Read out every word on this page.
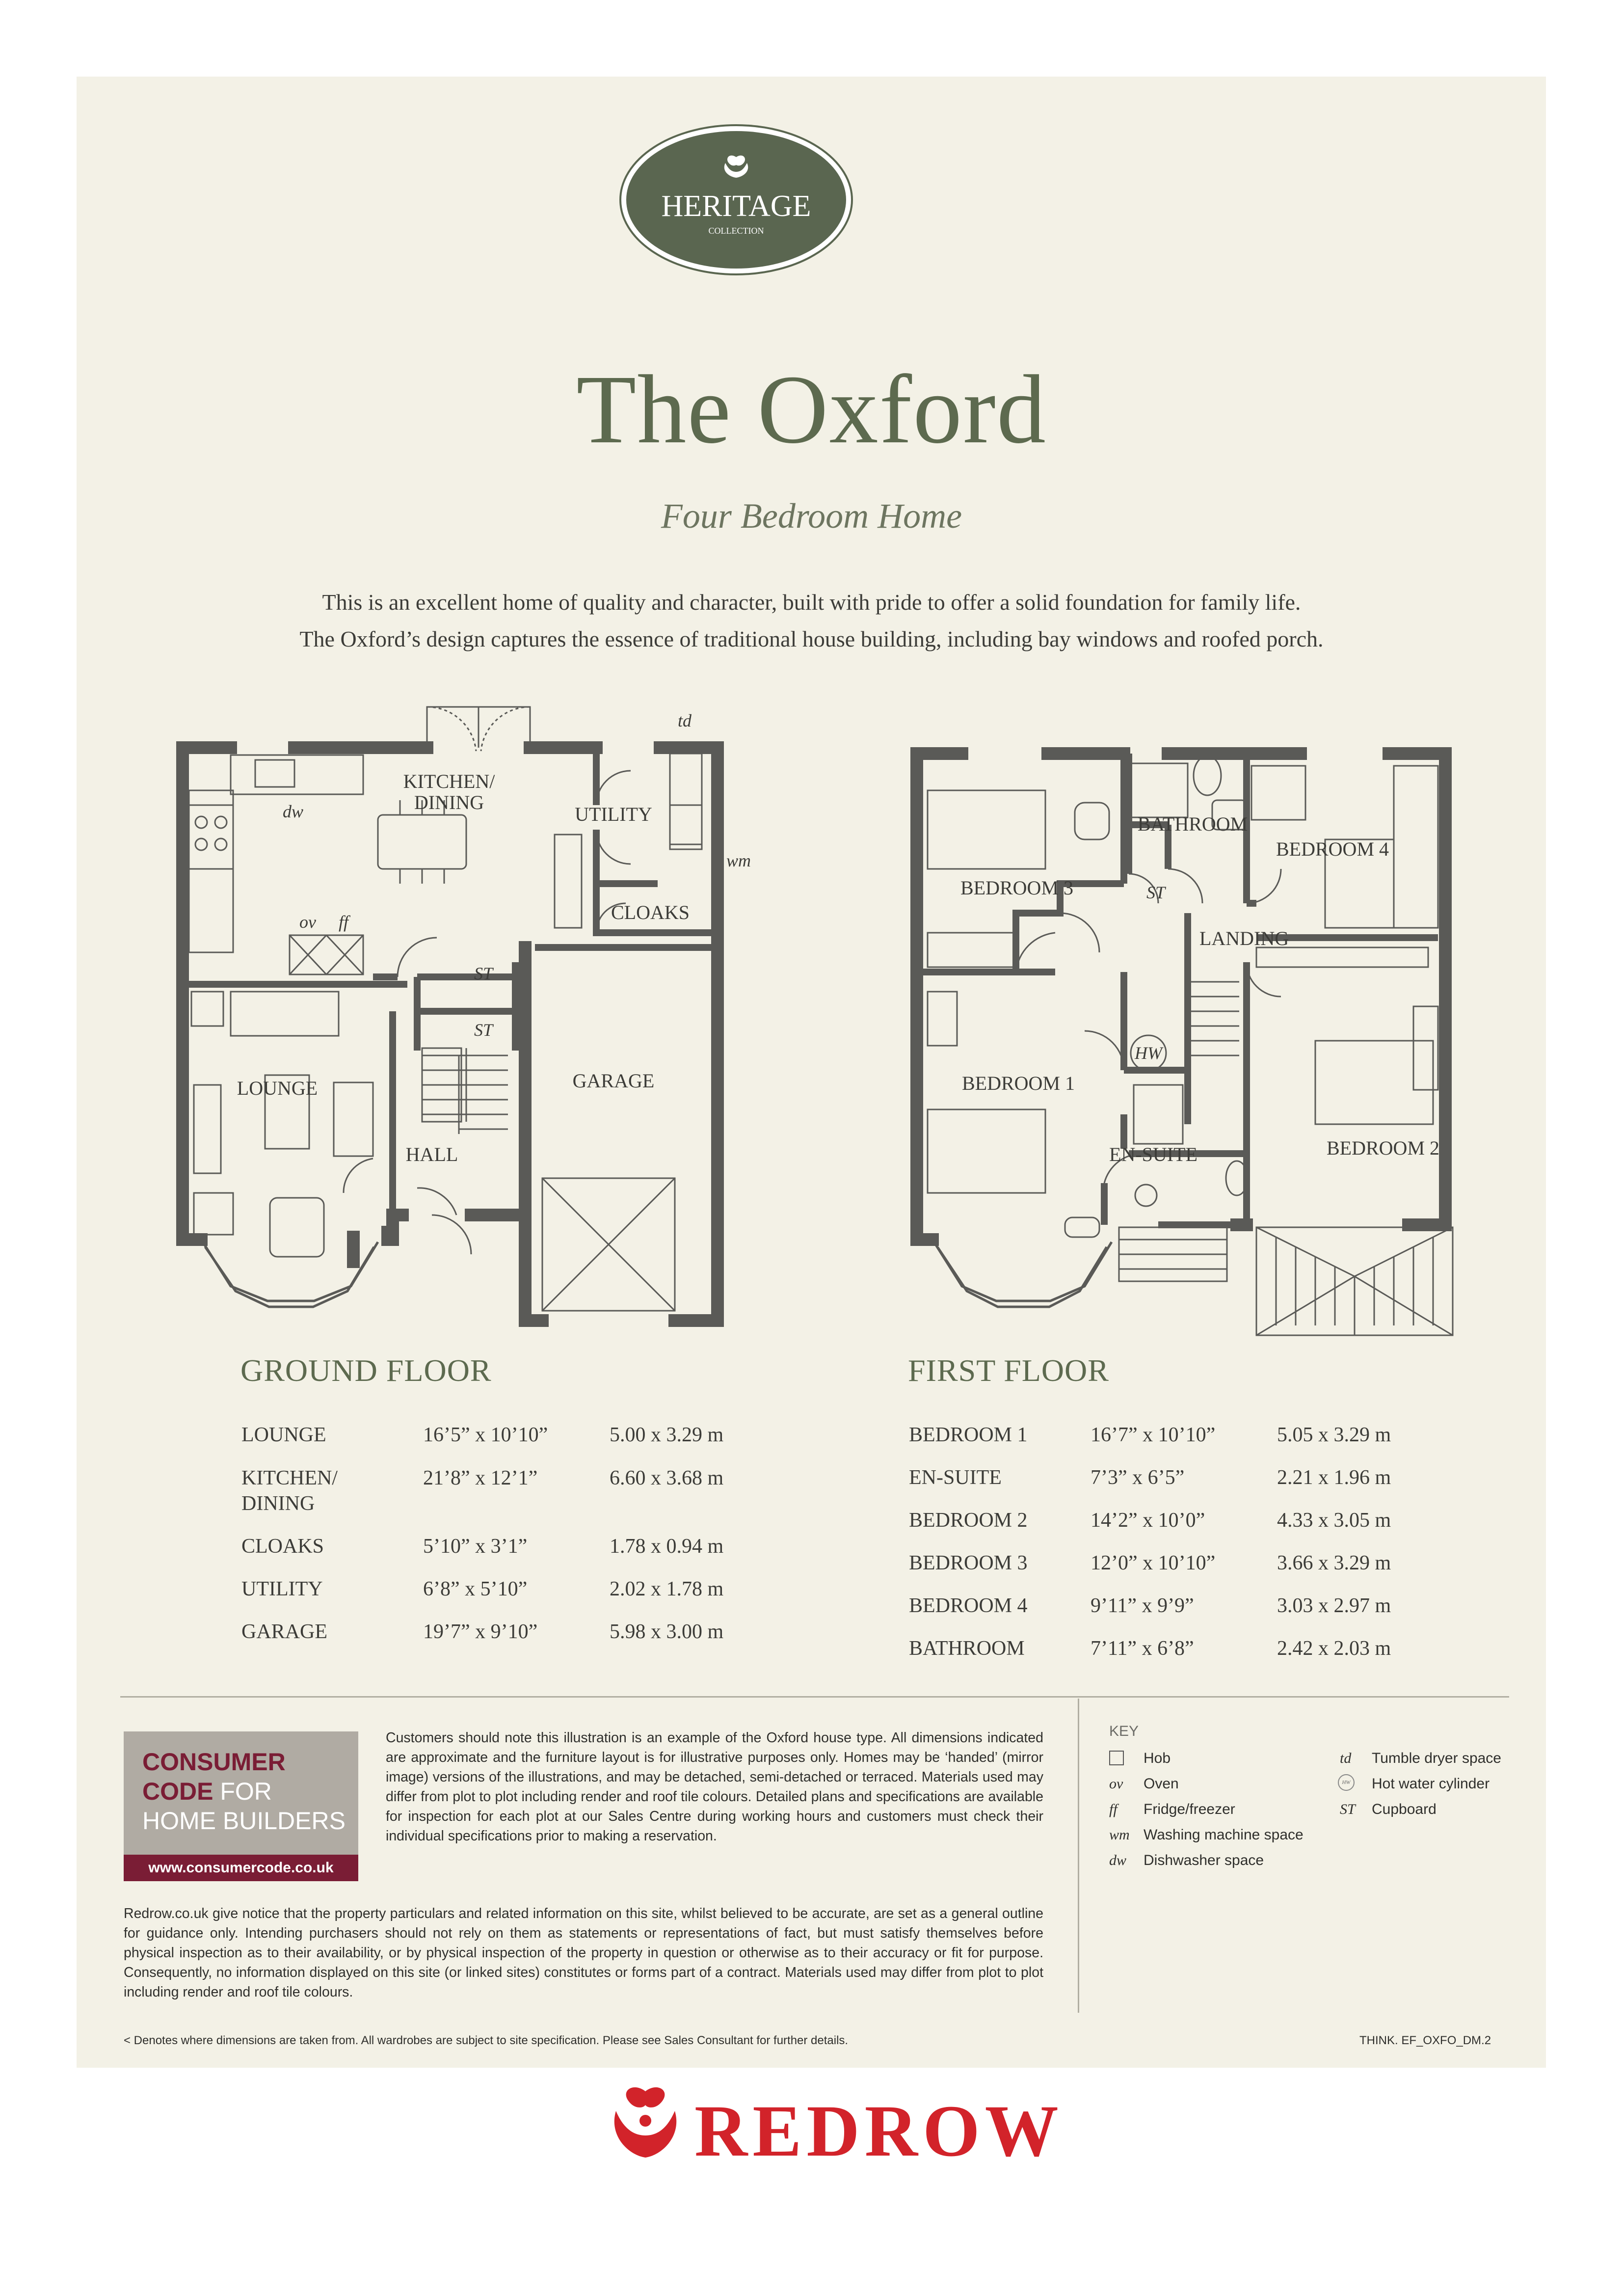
HERITAGE
COLLECTION
The Oxford
Four Bedroom Home
This is an excellent home of quality and character, built with pride to offer a solid foundation for family life.
The Oxford’s design captures the essence of traditional house building, including bay windows and roofed porch.
KITCHEN/
DINING
UTILITY
CLOAKS
ST
ST
LOUNGE	GARAGE
HALL
dw
ov ff
td
wm
BEDROOM 3
BATHROOM
BEDROOM 4
ST
LANDING
HW
BEDROOM 1
EN-SUITE	BEDROOM 2
GROUND FLOOR
LOUNGE	16’5” x 10’10”	5.00 x 3.29 m
KITCHEN/
DINING
21’8” x 12’1”	6.60 x 3.68 m
CLOAKS	5’10” x 3’1”	1.78 x 0.94 m
UTILITY	6’8” x 5’10”	2.02 x 1.78 m
GARAGE	19’7” x 9’10”	5.98 x 3.00 m
FIRST FLOOR
BEDROOM 1	16’7” x 10’10”	5.05 x 3.29 m
EN-SUITE	7’3” x 6’5”	2.21 x 1.96 m
BEDROOM 2	14’2” x 10’0”	4.33 x 3.05 m
BEDROOM 3	12’0” x 10’10”	3.66 x 3.29 m
BEDROOM 4	9’11” x 9’9”	3.03 x 2.97 m
BATHROOM	7’11” x 6’8”	2.42 x 2.03 m
CONSUMER
CODE FOR
HOME BUILDERS
www.consumercode.co.uk
Customers should note this illustration is an example of the Oxford house type. All dimensions indicated are approximate and the furniture layout is for illustrative purposes only. Homes may be ‘handed’ (mirror image) versions of the illustrations, and may be detached, semi-detached or terraced. Materials used may differ from plot to plot including render and roof tile colours. Detailed plans and specifications are available for inspection for each plot at our Sales Centre during working hours and customers must check their individual specifications prior to making a reservation.
Redrow.co.uk give notice that the property particulars and related information on this site, whilst believed to be accurate, are set as a general outline for guidance only. Intending purchasers should not rely on them as statements or representations of fact, but must satisfy themselves before physical inspection as to their availability, or by physical inspection of the property in question or otherwise as to their accuracy or fit for purpose. Consequently, no information displayed on this site (or linked sites) constitutes or forms part of a contract. Materials used may differ from plot to plot including render and roof tile colours.
KEY
Hob
ov Oven
ff Fridge/freezer
wm Washing machine space
dw Dishwasher space
td Tumble dryer space
HW Hot water cylinder
ST Cupboard
< Denotes where dimensions are taken from. All wardrobes are subject to site specification. Please see Sales Consultant for further details.	THINK. EF_OXFO_DM.2
REDROW
